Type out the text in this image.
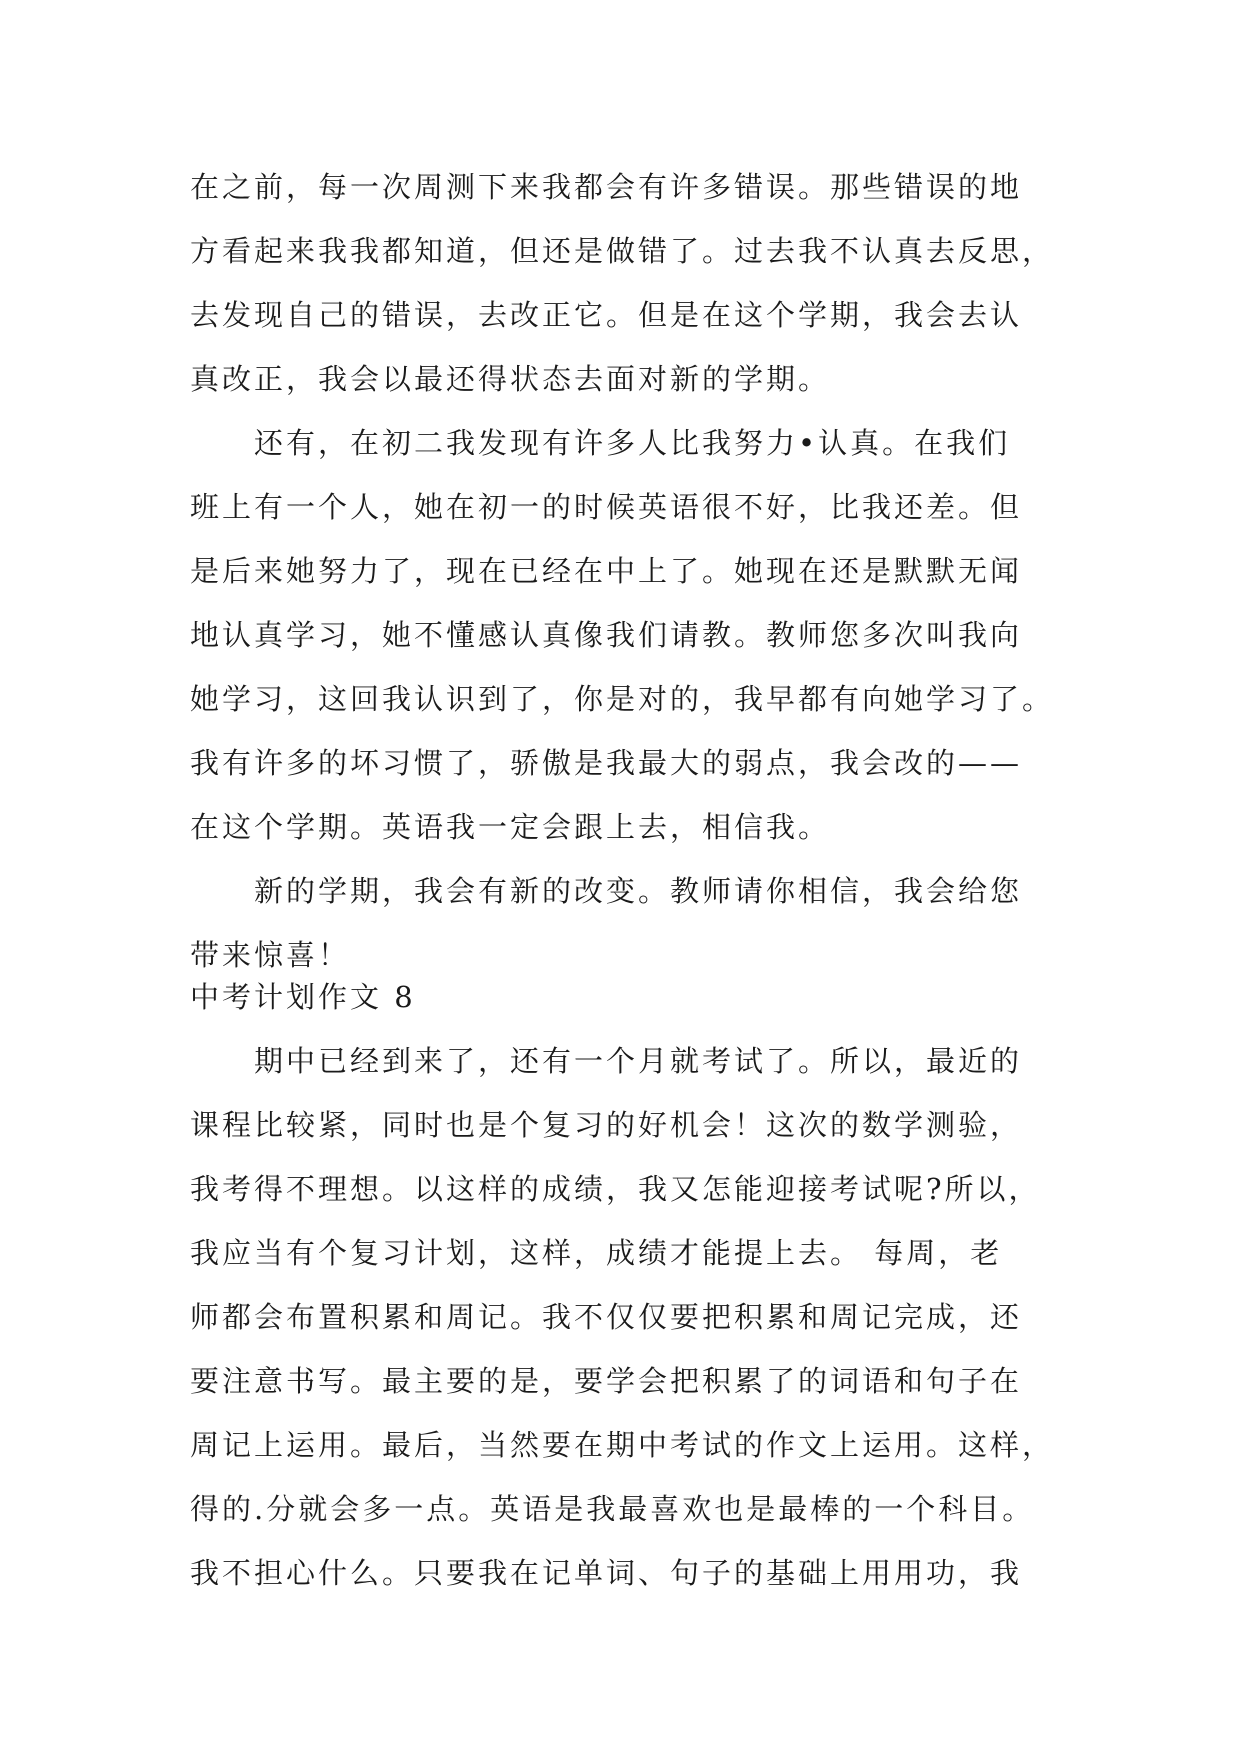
在之前，每一次周测下来我都会有许多错误。那些错误的地
方看起来我我都知道，但还是做错了。过去我不认真去反思，
去发现自己的错误，去改正它。但是在这个学期，我会去认
真改正，我会以最还得状态去面对新的学期。
　　还有，在初二我发现有许多人比我努力•认真。在我们
班上有一个人，她在初一的时候英语很不好，比我还差。但
是后来她努力了，现在已经在中上了。她现在还是默默无闻
地认真学习，她不懂感认真像我们请教。教师您多次叫我向
她学习，这回我认识到了，你是对的，我早都有向她学习了。
我有许多的坏习惯了，骄傲是我最大的弱点，我会改的——
在这个学期。英语我一定会跟上去，相信我。
　　新的学期，我会有新的改变。教师请你相信，我会给您
带来惊喜！
中考计划作文 8
　　期中已经到来了，还有一个月就考试了。所以，最近的
课程比较紧，同时也是个复习的好机会！这次的数学测验，
我考得不理想。以这样的成绩，我又怎能迎接考试呢?所以，
我应当有个复习计划，这样，成绩才能提上去。 每周，老
师都会布置积累和周记。我不仅仅要把积累和周记完成，还
要注意书写。最主要的是，要学会把积累了的词语和句子在
周记上运用。最后，当然要在期中考试的作文上运用。这样，
得的.分就会多一点。英语是我最喜欢也是最棒的一个科目。
我不担心什么。只要我在记单词、句子的基础上用用功，我
